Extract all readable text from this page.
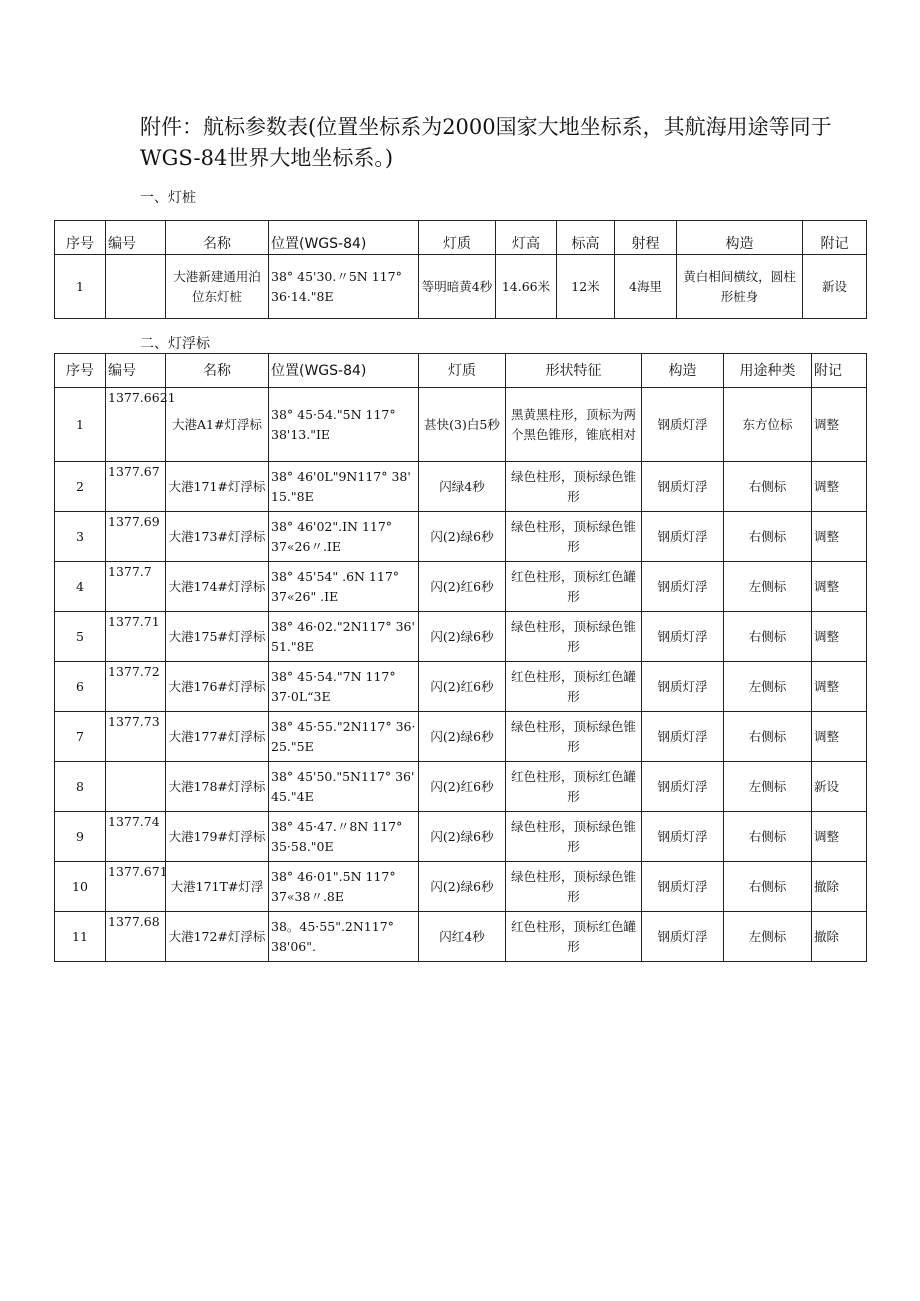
附件：航标参数表(位置坐标系为2000国家大地坐标系，其航海用途等同于WGS-84世界大地坐标系。)
一、灯桩
序号	编号	名称	位置(WGS-84)	灯质	灯高	标高	射程	构造	附记
1		大港新建通用泊位东灯桩	38° 45'30.〃5N 117° 36·14."8E	等明暗黄4秒	14.66米	12米	4海里	黄白相间横纹，圆柱形桩身	新设
二、灯浮标
序号	编号	名称	位置(WGS-84)	灯质	形状特征	构造	用途种类	附记
1	1377.6621	大港A1#灯浮标	38° 45·54."5N 117° 38'13."IE	甚快(3)白5秒	黑黄黑柱形，顶标为两个黑色锥形，锥底相对	钢质灯浮	东方位标	调整
2	1377.67	大港171#灯浮标	38° 46'0L"9N117° 38' 15."8E	闪绿4秒	绿色柱形，顶标绿色锥形	钢质灯浮	右侧标	调整
3	1377.69	大港173#灯浮标	38° 46'02".IN 117° 37«26〃.IE	闪(2)绿6秒	绿色柱形，顶标绿色锥形	钢质灯浮	右侧标	调整
4	1377.7	大港174#灯浮标	38° 45'54" .6N 117° 37«26" .IE	闪(2)红6秒	红色柱形，顶标红色罐形	钢质灯浮	左侧标	调整
5	1377.71	大港175#灯浮标	38° 46·02."2N117° 36' 51."8E	闪(2)绿6秒	绿色柱形，顶标绿色锥形	钢质灯浮	右侧标	调整
6	1377.72	大港176#灯浮标	38° 45·54."7N 117° 37·0L“3E	闪(2)红6秒	红色柱形，顶标红色罐形	钢质灯浮	左侧标	调整
7	1377.73	大港177#灯浮标	38° 45·55."2N117° 36· 25."5E	闪(2)绿6秒	绿色柱形，顶标绿色锥形	钢质灯浮	右侧标	调整
8		大港178#灯浮标	38° 45'50."5N117° 36' 45."4E	闪(2)红6秒	红色柱形，顶标红色罐形	钢质灯浮	左侧标	新设
9	1377.74	大港179#灯浮标	38° 45·47.〃8N 117° 35·58."0E	闪(2)绿6秒	绿色柱形，顶标绿色锥形	钢质灯浮	右侧标	调整
10	1377.671	大港171T#灯浮	38° 46·01".5N 117° 37«38〃.8E	闪(2)绿6秒	绿色柱形，顶标绿色锥形	钢质灯浮	右侧标	撤除
11	1377.68	大港172#灯浮标	38。45·55".2N117° 38'06".	闪红4秒	红色柱形，顶标红色罐形	钢质灯浮	左侧标	撤除
